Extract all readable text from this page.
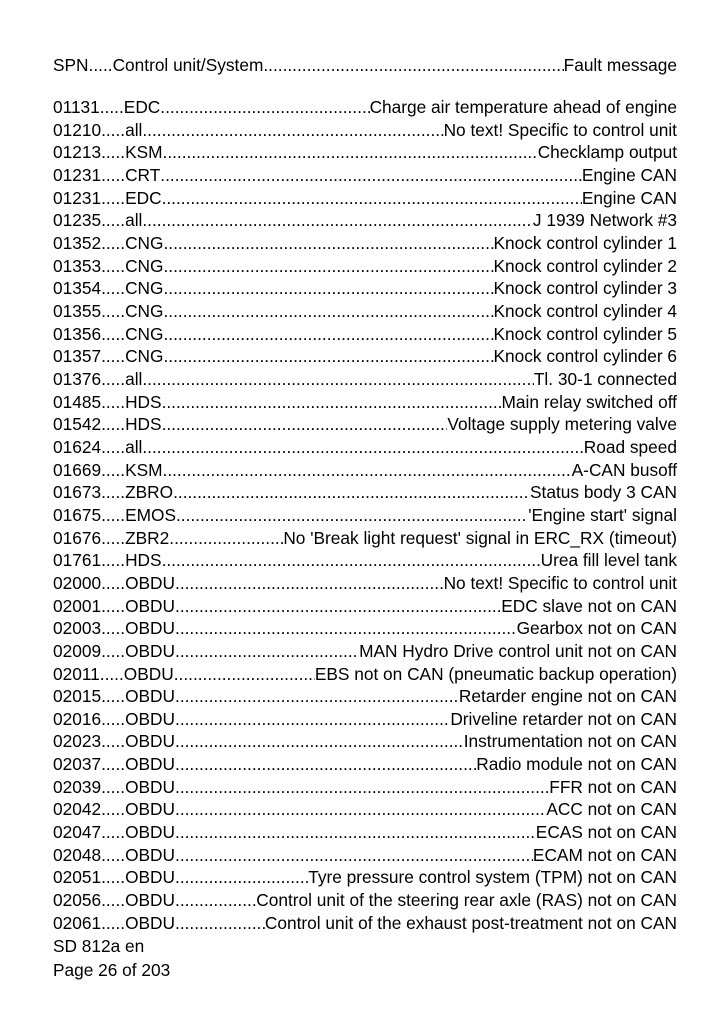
SPN ..... Control unit/System .....	Fault message
01131 ..... EDC .....	Charge air temperature ahead of engine
01210 ..... all .....	No text! Specific to control unit
01213 ..... KSM .....	Checklamp output
01231 ..... CRT .....	Engine CAN
01231 ..... EDC .....	Engine CAN
01235 ..... all .....	J 1939 Network #3
01352 ..... CNG .....	Knock control cylinder 1
01353 ..... CNG .....	Knock control cylinder 2
01354 ..... CNG .....	Knock control cylinder 3
01355 ..... CNG .....	Knock control cylinder 4
01356 ..... CNG .....	Knock control cylinder 5
01357 ..... CNG .....	Knock control cylinder 6
01376 ..... all .....	Tl. 30-1 connected
01485 ..... HDS .....	Main relay switched off
01542 ..... HDS .....	Voltage supply metering valve
01624 ..... all .....	Road speed
01669 ..... KSM .....	A-CAN busoff
01673 ..... ZBRO .....	Status body 3 CAN
01675 ..... EMOS .....	'Engine start' signal
01676 ..... ZBR2 .....	No 'Break light request' signal in ERC_RX (timeout)
01761 ..... HDS .....	Urea fill level tank
02000 ..... OBDU .....	No text! Specific to control unit
02001 ..... OBDU .....	EDC slave not on CAN
02003 ..... OBDU .....	Gearbox not on CAN
02009 ..... OBDU .....	MAN Hydro Drive control unit not on CAN
02011 ..... OBDU .....	EBS not on CAN (pneumatic backup operation)
02015 ..... OBDU .....	Retarder engine not on CAN
02016 ..... OBDU .....	Driveline retarder not on CAN
02023 ..... OBDU .....	Instrumentation not on CAN
02037 ..... OBDU .....	Radio module not on CAN
02039 ..... OBDU .....	FFR not on CAN
02042 ..... OBDU .....	ACC not on CAN
02047 ..... OBDU .....	ECAS not on CAN
02048 ..... OBDU .....	ECAM not on CAN
02051 ..... OBDU .....	Tyre pressure control system (TPM) not on CAN
02056 ..... OBDU .....	Control unit of the steering rear axle (RAS) not on CAN
02061 ..... OBDU .....	Control unit of the exhaust post-treatment not on CAN
SD 812a en
Page 26 of 203
